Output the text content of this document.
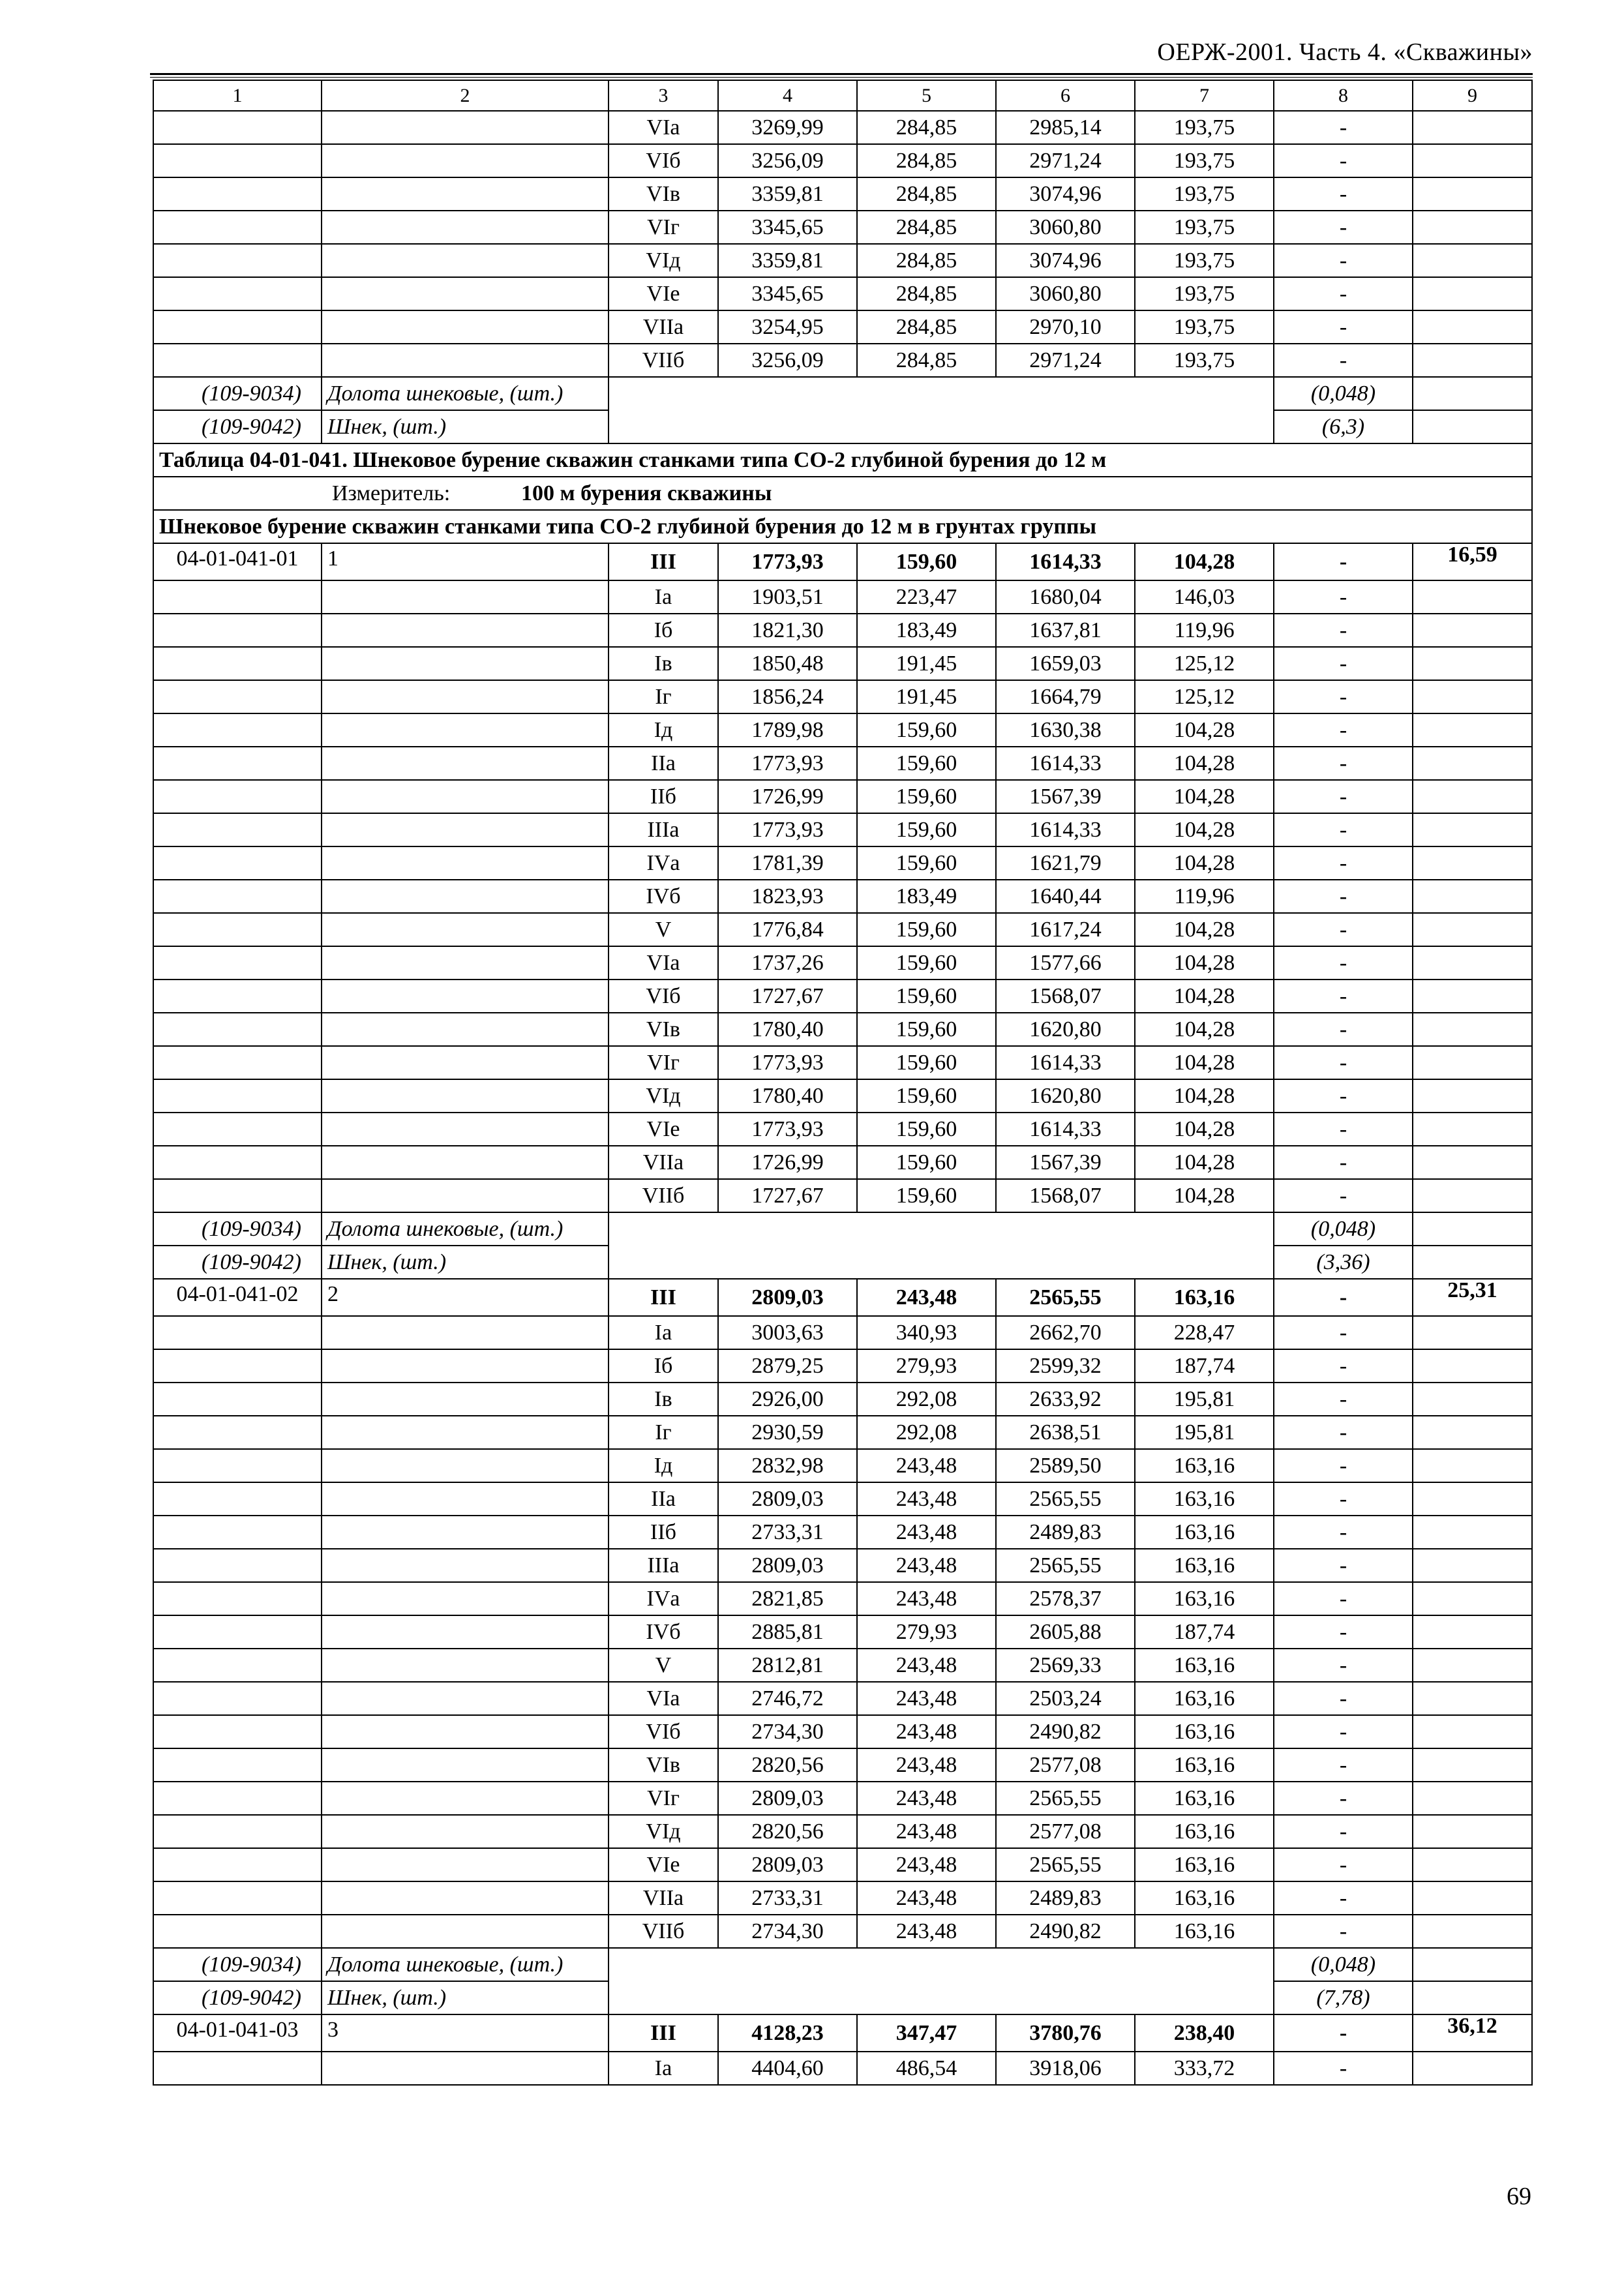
ОЕРЖ-2001. Часть 4. «Скважины»
1	2	3	4	5	6	7	8	9
		VIа	3269,99	284,85	2985,14	193,75	-	
		VIб	3256,09	284,85	2971,24	193,75	-	
		VIв	3359,81	284,85	3074,96	193,75	-	
		VIг	3345,65	284,85	3060,80	193,75	-	
		VIд	3359,81	284,85	3074,96	193,75	-	
		VIе	3345,65	284,85	3060,80	193,75	-	
		VIIа	3254,95	284,85	2970,10	193,75	-	
		VIIб	3256,09	284,85	2971,24	193,75	-	
(109-9034)	Долота шнековые, (шт.)						(0,048)	
(109-9042)	Шнек, (шт.)						(6,3)	
Таблица 04-01-041. Шнековое бурение скважин станками типа СО-2 глубиной бурения до 12 м								
Измеритель: 100 м бурения скважины								
Шнековое бурение скважин станками типа СО-2 глубиной бурения до 12 м в грунтах группы								
04-01-041-01	1	III	1773,93	159,60	1614,33	104,28	-	16,59
		Iа	1903,51	223,47	1680,04	146,03	-	
		Iб	1821,30	183,49	1637,81	119,96	-	
		Iв	1850,48	191,45	1659,03	125,12	-	
		Iг	1856,24	191,45	1664,79	125,12	-	
		Iд	1789,98	159,60	1630,38	104,28	-	
		IIа	1773,93	159,60	1614,33	104,28	-	
		IIб	1726,99	159,60	1567,39	104,28	-	
		IIIа	1773,93	159,60	1614,33	104,28	-	
		IVа	1781,39	159,60	1621,79	104,28	-	
		IVб	1823,93	183,49	1640,44	119,96	-	
		V	1776,84	159,60	1617,24	104,28	-	
		VIа	1737,26	159,60	1577,66	104,28	-	
		VIб	1727,67	159,60	1568,07	104,28	-	
		VIв	1780,40	159,60	1620,80	104,28	-	
		VIг	1773,93	159,60	1614,33	104,28	-	
		VIд	1780,40	159,60	1620,80	104,28	-	
		VIе	1773,93	159,60	1614,33	104,28	-	
		VIIа	1726,99	159,60	1567,39	104,28	-	
		VIIб	1727,67	159,60	1568,07	104,28	-	
(109-9034)	Долота шнековые, (шт.)						(0,048)	
(109-9042)	Шнек, (шт.)						(3,36)	
04-01-041-02	2	III	2809,03	243,48	2565,55	163,16	-	25,31
		Iа	3003,63	340,93	2662,70	228,47	-	
		Iб	2879,25	279,93	2599,32	187,74	-	
		Iв	2926,00	292,08	2633,92	195,81	-	
		Iг	2930,59	292,08	2638,51	195,81	-	
		Iд	2832,98	243,48	2589,50	163,16	-	
		IIа	2809,03	243,48	2565,55	163,16	-	
		IIб	2733,31	243,48	2489,83	163,16	-	
		IIIа	2809,03	243,48	2565,55	163,16	-	
		IVа	2821,85	243,48	2578,37	163,16	-	
		IVб	2885,81	279,93	2605,88	187,74	-	
		V	2812,81	243,48	2569,33	163,16	-	
		VIа	2746,72	243,48	2503,24	163,16	-	
		VIб	2734,30	243,48	2490,82	163,16	-	
		VIв	2820,56	243,48	2577,08	163,16	-	
		VIг	2809,03	243,48	2565,55	163,16	-	
		VIд	2820,56	243,48	2577,08	163,16	-	
		VIе	2809,03	243,48	2565,55	163,16	-	
		VIIа	2733,31	243,48	2489,83	163,16	-	
		VIIб	2734,30	243,48	2490,82	163,16	-	
(109-9034)	Долота шнековые, (шт.)						(0,048)	
(109-9042)	Шнек, (шт.)						(7,78)	
04-01-041-03	3	III	4128,23	347,47	3780,76	238,40	-	36,12
		Iа	4404,60	486,54	3918,06	333,72	-	
69
